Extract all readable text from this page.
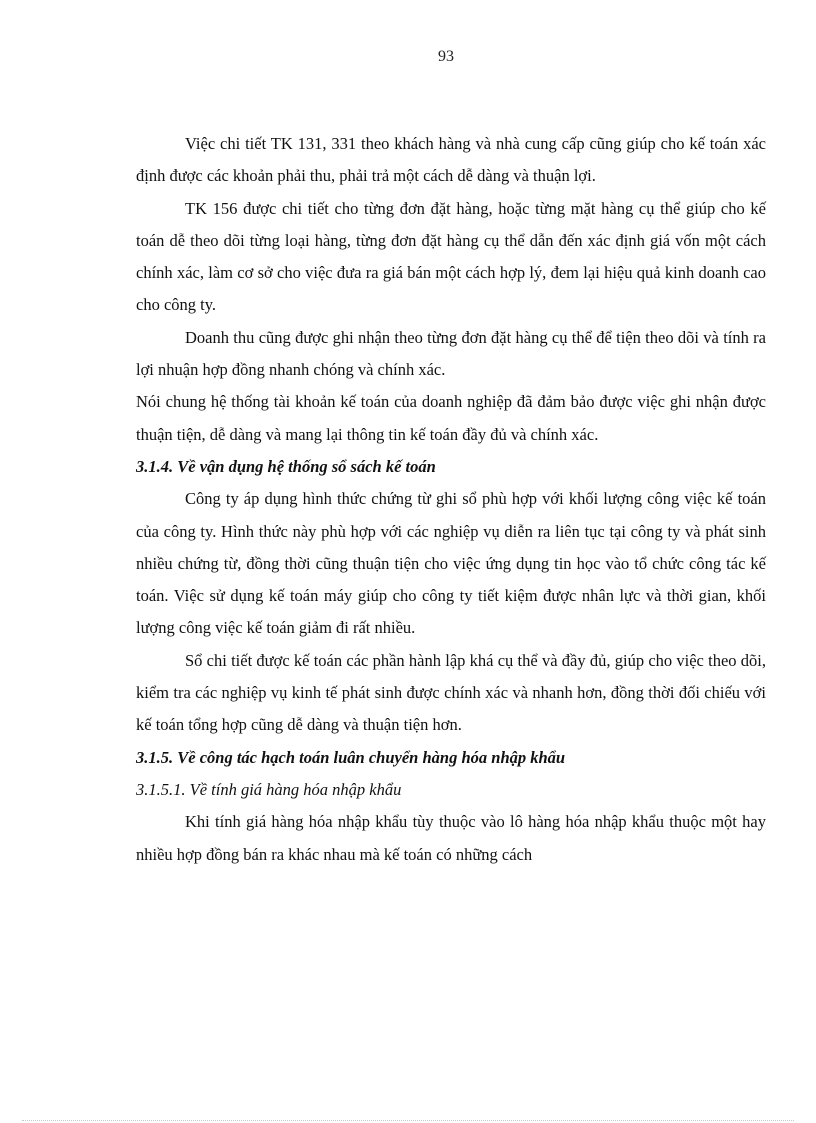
93

Việc chi tiết TK 131, 331 theo khách hàng và nhà cung cấp cũng giúp cho kế toán xác định được các khoản phải thu, phải trả một cách dễ dàng và thuận lợi.

TK 156 được chi tiết cho từng đơn đặt hàng, hoặc từng mặt hàng cụ thể giúp cho kế toán dễ theo dõi từng loại hàng, từng đơn đặt hàng cụ thể dẫn đến xác định giá vốn một cách chính xác, làm cơ sở cho việc đưa ra giá bán một cách hợp lý, đem lại hiệu quả kinh doanh cao cho công ty.

Doanh thu cũng được ghi nhận theo từng đơn đặt hàng cụ thể để tiện theo dõi và tính ra lợi nhuận hợp đồng nhanh chóng và chính xác.

Nói chung hệ thống tài khoản kế toán của doanh nghiệp đã đảm bảo được việc ghi nhận được thuận tiện, dễ dàng và mang lại thông tin kế toán đầy đủ và chính xác.

3.1.4. Về vận dụng hệ thống sổ sách kế toán

Công ty áp dụng hình thức chứng từ ghi sổ phù hợp với khối lượng công việc kế toán của công ty. Hình thức này phù hợp với các nghiệp vụ diễn ra liên tục tại công ty và phát sinh nhiều chứng từ, đồng thời cũng thuận tiện cho việc ứng dụng tin học vào tổ chức công tác kế toán. Việc sử dụng kế toán máy giúp cho công ty tiết kiệm được nhân lực và thời gian, khối lượng công việc kế toán giảm đi rất nhiều.

Sổ chi tiết được kế toán các phần hành lập khá cụ thể và đầy đủ, giúp cho việc theo dõi, kiểm tra các nghiệp vụ kinh tế phát sinh được chính xác và nhanh hơn, đồng thời đối chiếu với kế toán tổng hợp cũng dễ dàng và thuận tiện hơn.

3.1.5. Về công tác hạch toán luân chuyển hàng hóa nhập khẩu

3.1.5.1. Về tính giá hàng hóa nhập khẩu

Khi tính giá hàng hóa nhập khẩu tùy thuộc vào lô hàng hóa nhập khẩu thuộc một hay nhiều hợp đồng bán ra khác nhau mà kế toán có những cách
